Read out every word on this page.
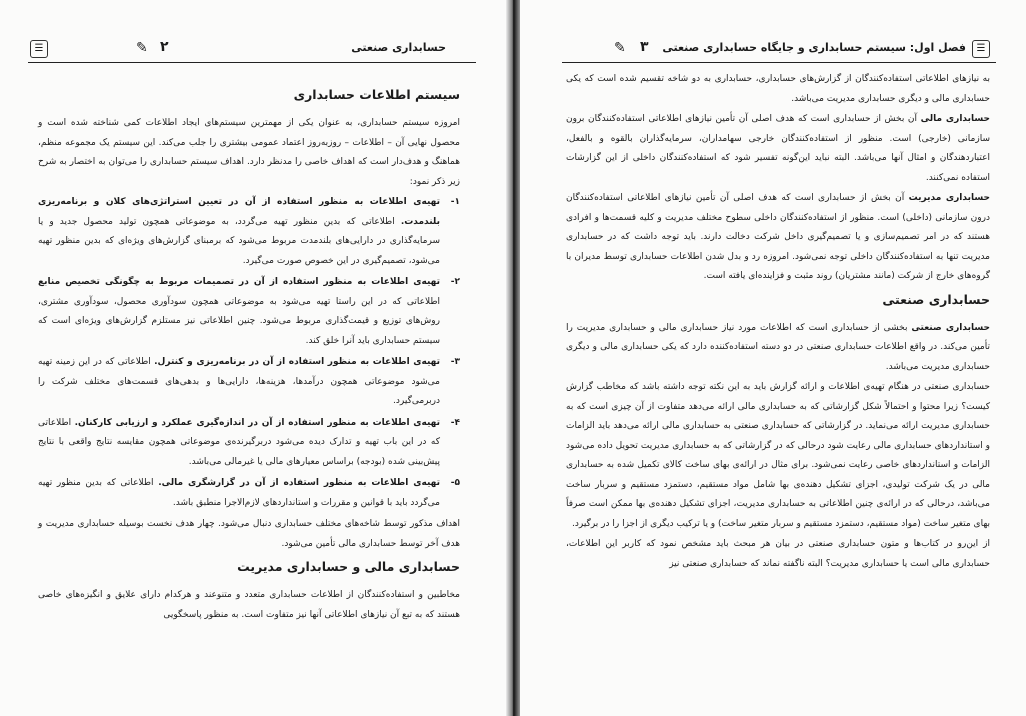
☰	✎ ۲	حسابداری صنعتی
سیستم اطلاعات حسابداری

امروزه سیستم حسابداری، به عنوان یکی از مهمترین سیستم‌های ایجاد اطلاعات کمی شناخته شده است و محصول نهایی آن – اطلاعات – روزبه‌روز اعتماد عمومی بیشتری را جلب می‌کند. این سیستم یک مجموعه منظم، هماهنگ و هدف‌دار است که اهداف خاصی را مدنظر دارد. اهداف سیستم حسابداری را می‌توان به اختصار به شرح زیر ذکر نمود:

۱-
تهیه‌ی اطلاعات به منظور استفاده از آن در تعیین استراتژی‌های کلان و برنامه‌ریزی بلندمدت. اطلاعاتی که بدین منظور تهیه می‌گردد، به موضوعاتی همچون تولید محصول جدید و یا سرمایه‌گذاری در دارایی‌های بلندمدت مربوط می‌شود که برمبنای گزارش‌های ویژه‌ای که بدین منظور تهیه می‌شود، تصمیم‌گیری در این خصوص صورت می‌گیرد.
۲-
تهیه‌ی اطلاعات به منظور استفاده از آن در تصمیمات مربوط به چگونگی تخصیص منابع اطلاعاتی که در این راستا تهیه می‌شود به موضوعاتی همچون سودآوری محصول، سودآوری مشتری، روش‌های توزیع و قیمت‌گذاری مربوط می‌شود. چنین اطلاعاتی نیز مستلزم گزارش‌های ویژه‌ای است که سیستم حسابداری باید آنرا خلق کند.
۳-
تهیه‌ی اطلاعات به منظور استفاده از آن در برنامه‌ریزی و کنترل. اطلاعاتی که در این زمینه تهیه می‌شود موضوعاتی همچون درآمدها، هزینه‌ها، دارایی‌ها و بدهی‌های قسمت‌های مختلف شرکت را دربرمی‌گیرد.
۴-
تهیه‌ی اطلاعات به منظور استفاده از آن در اندازه‌گیری عملکرد و ارزیابی کارکنان. اطلاعاتی که در این باب تهیه و تدارک دیده می‌شود دربرگیرنده‌ی موضوعاتی همچون مقایسه نتایج واقعی با نتایج پیش‌بینی شده (بودجه) براساس معیارهای مالی یا غیرمالی می‌باشد.
۵-
تهیه‌ی اطلاعات به منظور استفاده از آن در گزارشگری مالی. اطلاعاتی که بدین منظور تهیه می‌گردد باید با قوانین و مقررات و استانداردهای لازم‌الاجرا منطبق باشد.

اهداف مذکور توسط شاخه‌های مختلف حسابداری دنبال می‌شود. چهار هدف نخست بوسیله حسابداری مدیریت و هدف آخر توسط حسابداری مالی تأمین می‌شود.

حسابداری مالی و حسابداری مدیریت

مخاطبین و استفاده‌کنندگان از اطلاعات حسابداری متعدد و متنوعند و هرکدام دارای علایق و انگیزه‌های خاصی هستند که به تبع آن نیازهای اطلاعاتی آنها نیز متفاوت است. به منظور پاسخگویی

✎ ۳ فصل اول: سیستم حسابداری و جایگاه حسابداری صنعتی	☰

به نیازهای اطلاعاتی استفاده‌کنندگان از گزارش‌های حسابداری، حسابداری به دو شاخه تقسیم شده است که یکی حسابداری مالی و دیگری حسابداری مدیریت می‌باشد.

حسابداری مالی آن بخش از حسابداری است که هدف اصلی آن تأمین نیازهای اطلاعاتی استفاده‌کنندگان برون سازمانی (خارجی) است. منظور از استفاده‌کنندگان خارجی سهامداران، سرمایه‌گذاران بالقوه و بالفعل، اعتباردهندگان و امثال آنها می‌باشد. البته نباید این‌گونه تفسیر شود که استفاده‌کنندگان داخلی از این گزارشات استفاده نمی‌کنند.

حسابداری مدیریت آن بخش از حسابداری است که هدف اصلی آن تأمین نیازهای اطلاعاتی استفاده‌کنندگان درون سازمانی (داخلی) است. منظور از استفاده‌کنندگان داخلی سطوح مختلف مدیریت و کلیه قسمت‌ها و افرادی هستند که در امر تصمیم‌سازی و یا تصمیم‌گیری داخل شرکت دخالت دارند. باید توجه داشت که در حسابداری مدیریت تنها به استفاده‌کنندگان داخلی توجه نمی‌شود. امروزه رد و بدل شدن اطلاعات حسابداری توسط مدیران با گروه‌های خارج از شرکت (مانند مشتریان) روند مثبت و فزاینده‌ای یافته است.

حسابداری صنعتی

حسابداری صنعتی بخشی از حسابداری است که اطلاعات مورد نیاز حسابداری مالی و حسابداری مدیریت را تأمین می‌کند. در واقع اطلاعات حسابداری صنعتی در دو دسته استفاده‌کننده دارد که یکی حسابداری مالی و دیگری حسابداری مدیریت می‌باشد.

حسابداری صنعتی در هنگام تهیه‌ی اطلاعات و ارائه گزارش باید به این نکته توجه داشته باشد که مخاطب گزارش کیست؟ زیرا محتوا و احتمالاً شکل گزارشاتی که به حسابداری مالی ارائه می‌دهد متفاوت از آن چیزی است که به حسابداری مدیریت ارائه می‌نماید. در گزارشاتی که حسابداری صنعتی به حسابداری مالی ارائه می‌دهد باید الزامات و استانداردهای حسابداری مالی رعایت شود درحالی که در گزارشاتی که به حسابداری مدیریت تحویل داده می‌شود الزامات و استانداردهای خاصی رعایت نمی‌شود. برای مثال در ارائه‌ی بهای ساخت کالای تکمیل شده به حسابداری مالی در یک شرکت تولیدی، اجزای تشکیل دهنده‌ی بها شامل مواد مستقیم، دستمزد مستقیم و سربار ساخت می‌باشد، درحالی که در ارائه‌ی چنین اطلاعاتی به حسابداری مدیریت، اجزای تشکیل دهنده‌ی بها ممکن است صرفاً بهای متغیر ساخت (مواد مستقیم، دستمزد مستقیم و سربار متغیر ساخت) و یا ترکیب دیگری از اجزا را در برگیرد.

از این‌رو در کتاب‌ها و متون حسابداری صنعتی در بیان هر مبحث باید مشخص نمود که کاربر این اطلاعات، حسابداری مالی است یا حسابداری مدیریت؟ البته ناگفته نماند که حسابداری صنعتی نیز
